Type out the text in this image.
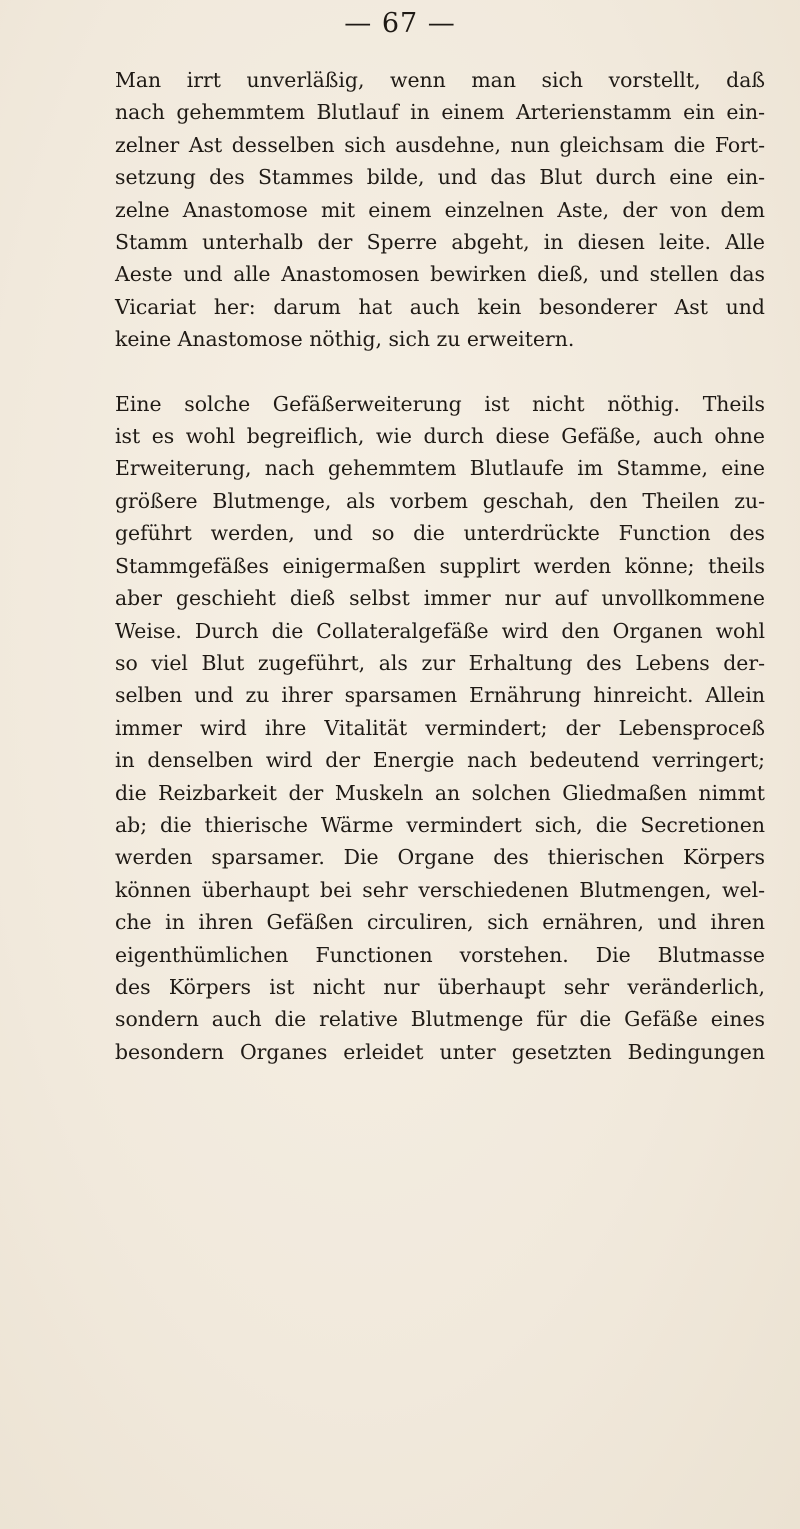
— 67 —
Man irrt unverläßig, wenn man sich vorstellt, daß
nach gehemmtem Blutlauf in einem Arterienstamm ein ein-
zelner Ast desselben sich ausdehne, nun gleichsam die Fort-
setzung des Stammes bilde, und das Blut durch eine ein-
zelne Anastomose mit einem einzelnen Aste, der von dem
Stamm unterhalb der Sperre abgeht, in diesen leite. Alle
Aeste und alle Anastomosen bewirken dieß, und stellen das
Vicariat her: darum hat auch kein besonderer Ast und
keine Anastomose nöthig, sich zu erweitern.
Eine solche Gefäßerweiterung ist nicht nöthig. Theils
ist es wohl begreiflich, wie durch diese Gefäße, auch ohne
Erweiterung, nach gehemmtem Blutlaufe im Stamme, eine
größere Blutmenge, als vorbem geschah, den Theilen zu-
geführt werden, und so die unterdrückte Function des
Stammgefäßes einigermaßen supplirt werden könne; theils
aber geschieht dieß selbst immer nur auf unvollkommene
Weise. Durch die Collateralgefäße wird den Organen wohl
so viel Blut zugeführt, als zur Erhaltung des Lebens der-
selben und zu ihrer sparsamen Ernährung hinreicht. Allein
immer wird ihre Vitalität vermindert; der Lebensproceß
in denselben wird der Energie nach bedeutend verringert;
die Reizbarkeit der Muskeln an solchen Gliedmaßen nimmt
ab; die thierische Wärme vermindert sich, die Secretionen
werden sparsamer. Die Organe des thierischen Körpers
können überhaupt bei sehr verschiedenen Blutmengen, wel-
che in ihren Gefäßen circuliren, sich ernähren, und ihren
eigenthümlichen Functionen vorstehen. Die Blutmasse
des Körpers ist nicht nur überhaupt sehr veränderlich,
sondern auch die relative Blutmenge für die Gefäße eines
besondern Organes erleidet unter gesetzten Bedingungen
